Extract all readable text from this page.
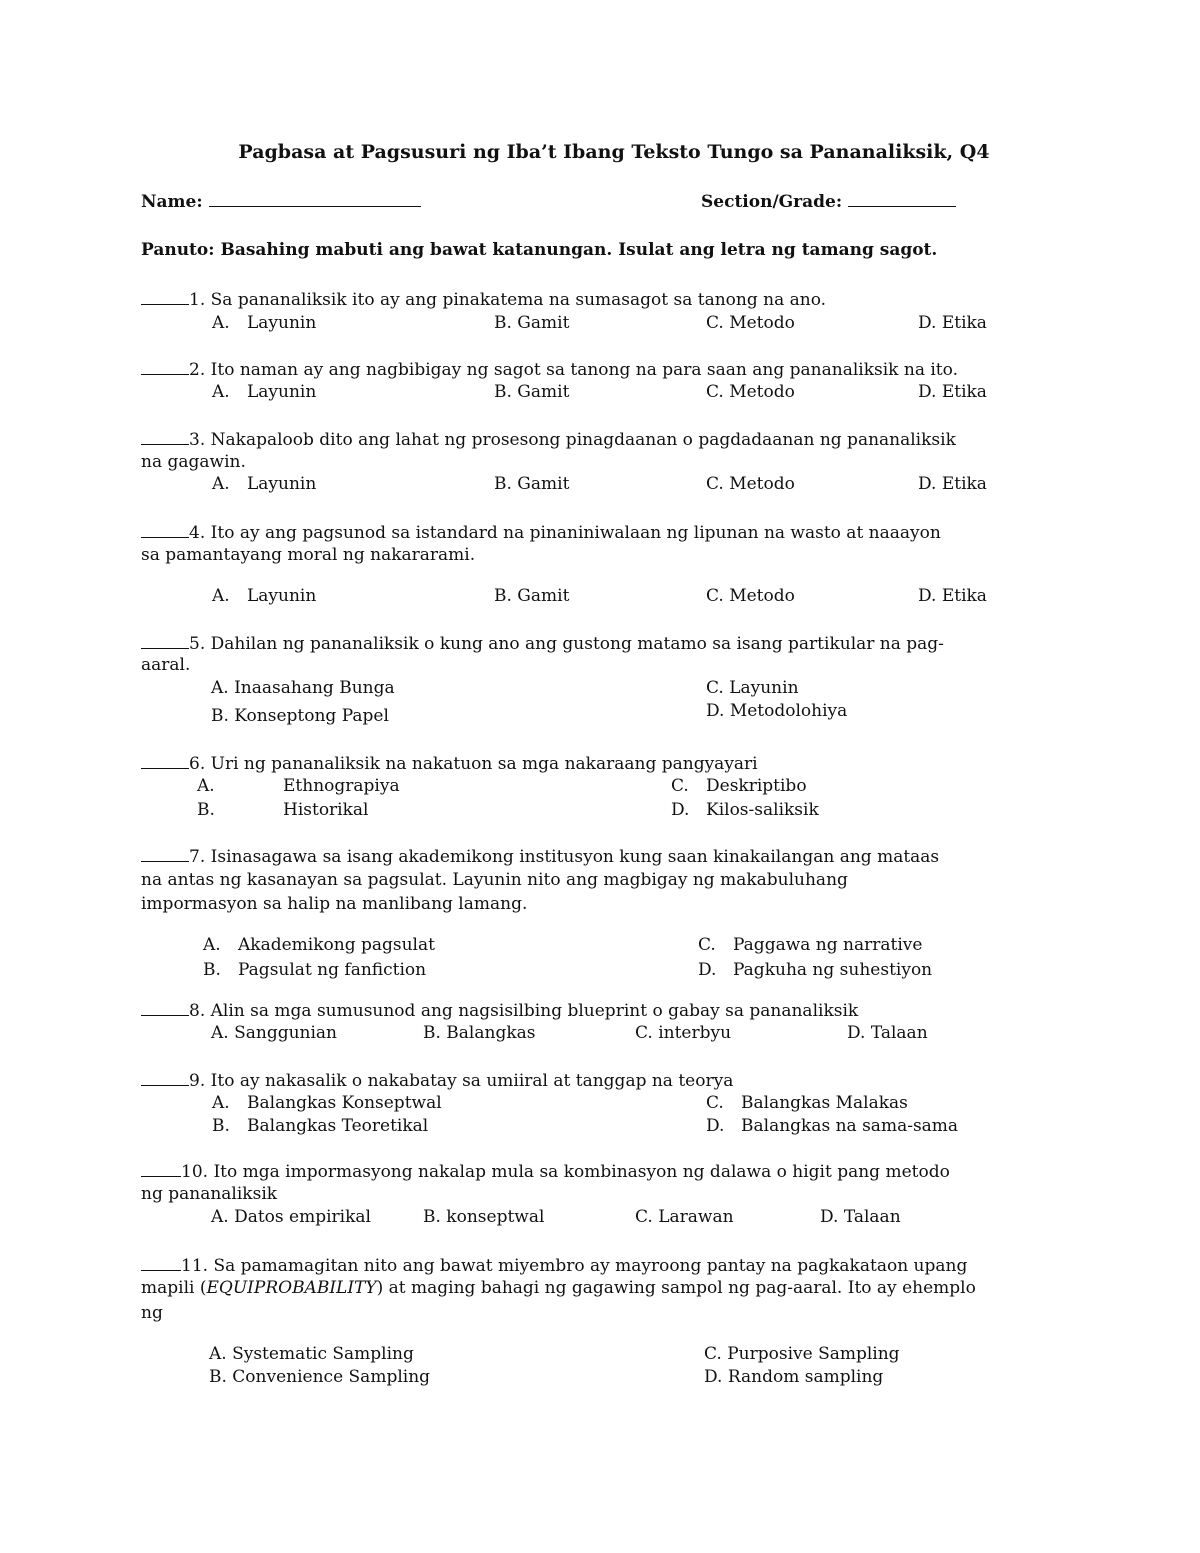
Pagbasa at Pagsusuri ng Iba’t Ibang Teksto Tungo sa Pananaliksik, Q4
Name:	Section/Grade:
Panuto: Basahing mabuti ang bawat katanungan. Isulat ang letra ng tamang sagot.
1. Sa pananaliksik ito ay ang pinakatema na sumasagot sa tanong na ano.
A. Layunin	B. Gamit	C. Metodo	D. Etika
2. Ito naman ay ang nagbibigay ng sagot sa tanong na para saan ang pananaliksik na ito.
A. Layunin	B. Gamit	C. Metodo	D. Etika
3. Nakapaloob dito ang lahat ng prosesong pinagdaanan o pagdadaanan ng pananaliksik
na gagawin.
A. Layunin	B. Gamit	C. Metodo	D. Etika
4. Ito ay ang pagsunod sa istandard na pinaniniwalaan ng lipunan na wasto at naaayon
sa pamantayang moral ng nakararami.
A. Layunin	B. Gamit	C. Metodo	D. Etika
5. Dahilan ng pananaliksik o kung ano ang gustong matamo sa isang partikular na pag-
aaral.
A. Inaasahang Bunga
B. Konseptong Papel
C. Layunin
D. Metodolohiya
6. Uri ng pananaliksik na nakatuon sa mga nakaraang pangyayari
A.	Ethnograpiya
B.	Historikal
C. Deskriptibo
D. Kilos-saliksik
7. Isinasagawa sa isang akademikong institusyon kung saan kinakailangan ang mataas
na antas ng kasanayan sa pagsulat. Layunin nito ang magbigay ng makabuluhang
impormasyon sa halip na manlibang lamang.
A. Akademikong pagsulat
B. Pagsulat ng fanfiction
C. Paggawa ng narrative
D. Pagkuha ng suhestiyon
8. Alin sa mga sumusunod ang nagsisilbing blueprint o gabay sa pananaliksik
A. Sanggunian	B. Balangkas	C. interbyu	D. Talaan
9. Ito ay nakasalik o nakabatay sa umiiral at tanggap na teorya
A. Balangkas Konseptwal
B. Balangkas Teoretikal
C. Balangkas Malakas
D. Balangkas na sama-sama
10. Ito mga impormasyong nakalap mula sa kombinasyon ng dalawa o higit pang metodo
ng pananaliksik
A. Datos empirikal	B. konseptwal	C. Larawan	D. Talaan
11. Sa pamamagitan nito ang bawat miyembro ay mayroong pantay na pagkakataon upang
mapili (EQUIPROBABILITY) at maging bahagi ng gagawing sampol ng pag-aaral. Ito ay ehemplo
ng
A. Systematic Sampling
B. Convenience Sampling
C. Purposive Sampling
D. Random sampling
